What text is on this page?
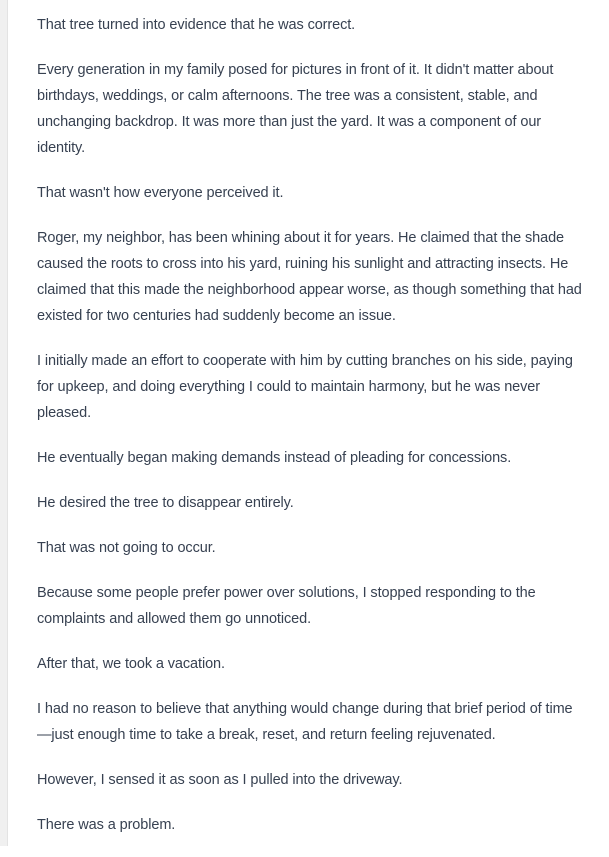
That tree turned into evidence that he was correct.

Every generation in my family posed for pictures in front of it. It didn't matter about birthdays, weddings, or calm afternoons. The tree was a consistent, stable, and unchanging backdrop. It was more than just the yard. It was a component of our identity.

That wasn't how everyone perceived it.

Roger, my neighbor, has been whining about it for years. He claimed that the shade caused the roots to cross into his yard, ruining his sunlight and attracting insects. He claimed that this made the neighborhood appear worse, as though something that had existed for two centuries had suddenly become an issue.

I initially made an effort to cooperate with him by cutting branches on his side, paying for upkeep, and doing everything I could to maintain harmony, but he was never pleased.

He eventually began making demands instead of pleading for concessions.

He desired the tree to disappear entirely.

That was not going to occur.

Because some people prefer power over solutions, I stopped responding to the complaints and allowed them go unnoticed.

After that, we took a vacation.

I had no reason to believe that anything would change during that brief period of time—just enough time to take a break, reset, and return feeling rejuvenated.

However, I sensed it as soon as I pulled into the driveway.

There was a problem.
